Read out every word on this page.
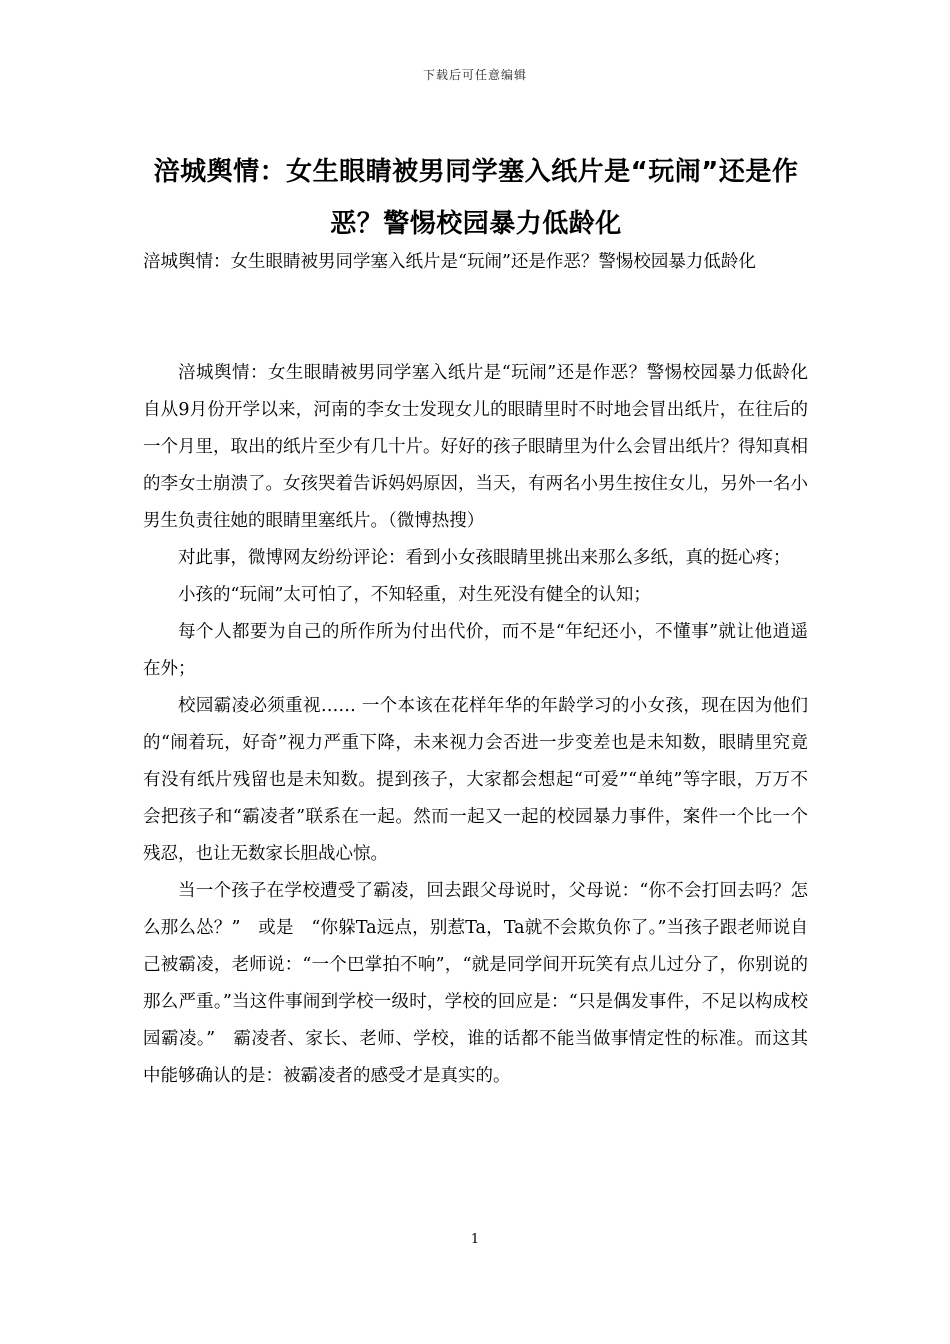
下载后可任意编辑
涪城舆情：女生眼睛被男同学塞入纸片是“玩闹”还是作恶？警惕校园暴力低龄化

涪城舆情：女生眼睛被男同学塞入纸片是“玩闹”还是作恶？警惕校园暴力低龄化

涪城舆情：女生眼睛被男同学塞入纸片是“玩闹”还是作恶？警惕校园暴力低龄化 自从9月份开学以来，河南的李女士发现女儿的眼睛里时不时地会冒出纸片，在往后的一个月里，取出的纸片至少有几十片。好好的孩子眼睛里为什么会冒出纸片？得知真相的李女士崩溃了。女孩哭着告诉妈妈原因，当天，有两名小男生按住女儿，另外一名小男生负责往她的眼睛里塞纸片。（微博热搜）

对此事，微博网友纷纷评论：看到小女孩眼睛里挑出来那么多纸，真的挺心疼；

小孩的“玩闹”太可怕了，不知轻重，对生死没有健全的认知；

每个人都要为自己的所作所为付出代价，而不是“年纪还小，不懂事”就让他逍遥在外；

校园霸凌必须重视…… 一个本该在花样年华的年龄学习的小女孩，现在因为他们的“闹着玩，好奇”视力严重下降，未来视力会否进一步变差也是未知数，眼睛里究竟有没有纸片残留也是未知数。提到孩子，大家都会想起“可爱”“单纯”等字眼，万万不会把孩子和“霸凌者”联系在一起。然而一起又一起的校园暴力事件，案件一个比一个残忍，也让无数家长胆战心惊。

当一个孩子在学校遭受了霸凌，回去跟父母说时，父母说：“你不会打回去吗？怎么那么怂？”　或是　“你躲Ta远点，别惹Ta，Ta就不会欺负你了。”当孩子跟老师说自己被霸凌，老师说：“一个巴掌拍不响”，“就是同学间开玩笑有点儿过分了，你别说的那么严重。”当这件事闹到学校一级时，学校的回应是：“只是偶发事件，不足以构成校园霸凌。”　霸凌者、家长、老师、学校，谁的话都不能当做事情定性的标准。而这其中能够确认的是：被霸凌者的感受才是真实的。

1
